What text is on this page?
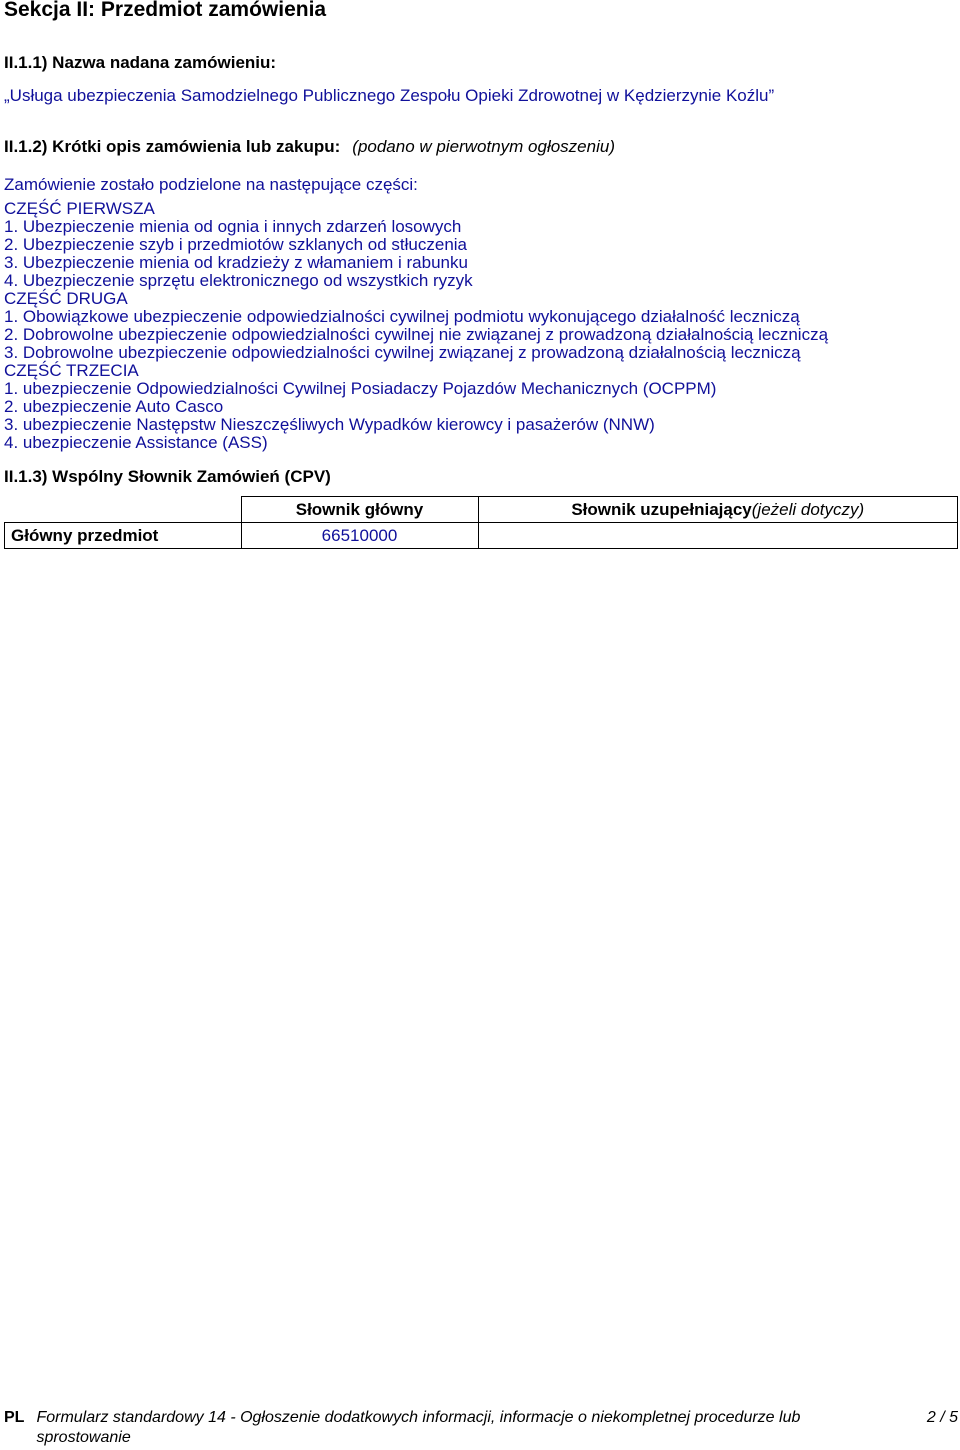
Sekcja II: Przedmiot zamówienia
II.1.1) Nazwa nadana zamówieniu:
„Usługa ubezpieczenia Samodzielnego Publicznego Zespołu Opieki Zdrowotnej w Kędzierzynie Koźlu”
II.1.2) Krótki opis zamówienia lub zakupu: (podano w pierwotnym ogłoszeniu)
Zamówienie zostało podzielone na następujące części:
CZĘŚĆ PIERWSZA
1. Ubezpieczenie mienia od ognia i innych zdarzeń losowych
2. Ubezpieczenie szyb i przedmiotów szklanych od stłuczenia
3. Ubezpieczenie mienia od kradzieży z włamaniem i rabunku
4. Ubezpieczenie sprzętu elektronicznego od wszystkich ryzyk
CZĘŚĆ DRUGA
1. Obowiązkowe ubezpieczenie odpowiedzialności cywilnej podmiotu wykonującego działalność leczniczą
2. Dobrowolne ubezpieczenie odpowiedzialności cywilnej nie związanej z prowadzoną działalnością leczniczą
3. Dobrowolne ubezpieczenie odpowiedzialności cywilnej związanej z prowadzoną działalnością leczniczą
CZĘŚĆ TRZECIA
1. ubezpieczenie Odpowiedzialności Cywilnej Posiadaczy Pojazdów Mechanicznych (OCPPM)
2. ubezpieczenie Auto Casco
3. ubezpieczenie Następstw Nieszczęśliwych Wypadków kierowcy i pasażerów (NNW)
4. ubezpieczenie Assistance (ASS)
II.1.3) Wspólny Słownik Zamówień (CPV)
	Słownik główny	Słownik uzupełniający(jeżeli dotyczy)
Główny przedmiot	66510000	
PL Formularz standardowy 14 - Ogłoszenie dodatkowych informacji, informacje o niekompletnej procedurze lub sprostowanie
2 / 5
